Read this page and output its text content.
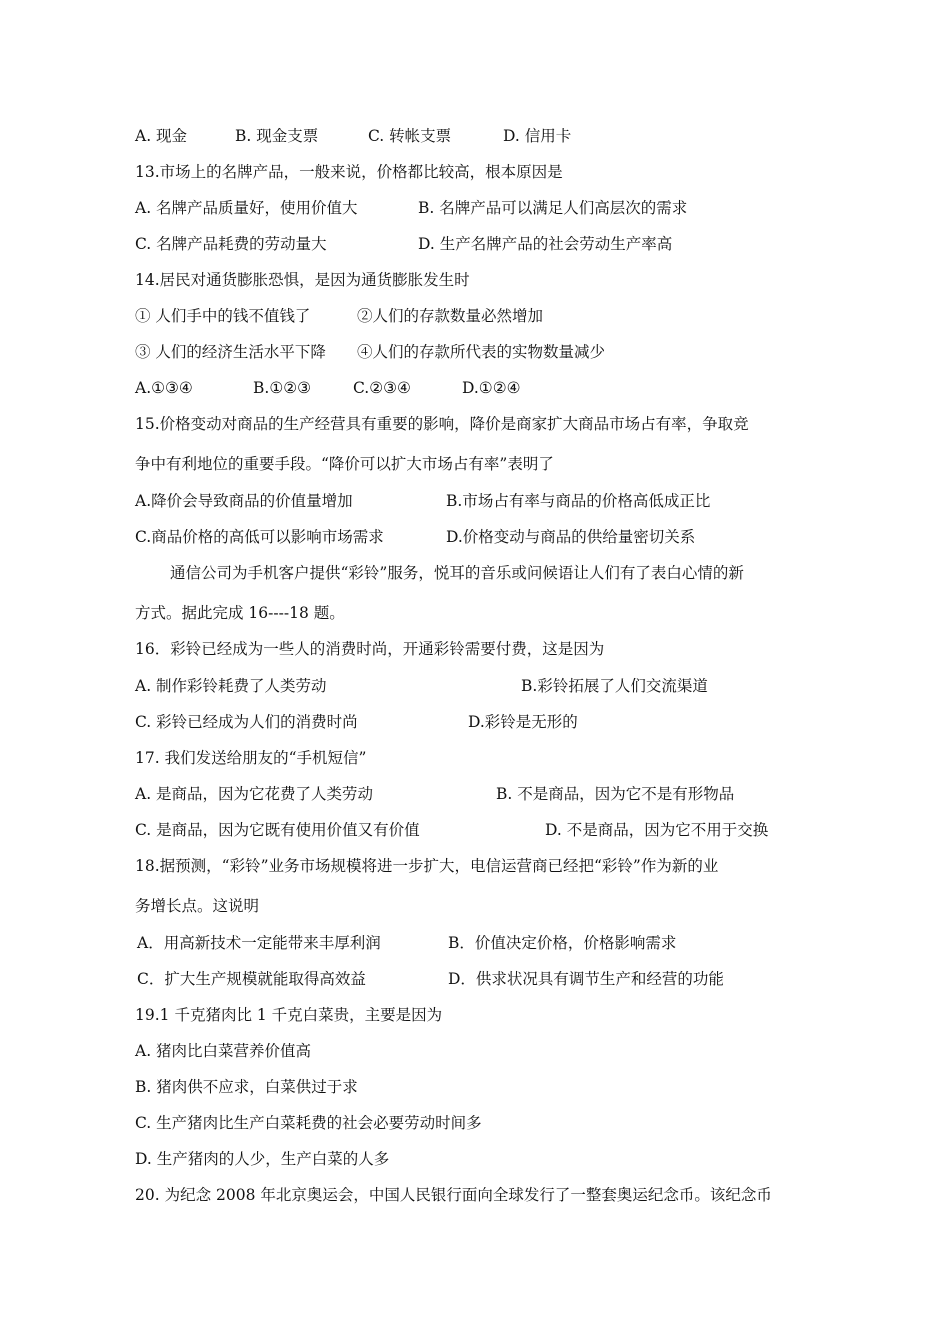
A. 现金	B. 现金支票	C. 转帐支票	D. 信用卡
13.市场上的名牌产品，一般来说，价格都比较高，根本原因是
A. 名牌产品质量好，使用价值大	B. 名牌产品可以满足人们高层次的需求
C. 名牌产品耗费的劳动量大	D. 生产名牌产品的社会劳动生产率高
14.居民对通货膨胀恐惧，是因为通货膨胀发生时
① 人们手中的钱不值钱了	②人们的存款数量必然增加
③ 人们的经济生活水平下降 ④人们的存款所代表的实物数量减少
A.①③④	B.①②③	C.②③④	D.①②④
15.价格变动对商品的生产经营具有重要的影响，降价是商家扩大商品市场占有率，争取竞
争中有利地位的重要手段。“降价可以扩大市场占有率”表明了
A.降价会导致商品的价值量增加	B.市场占有率与商品的价格高低成正比
C.商品价格的高低可以影响市场需求	D.价格变动与商品的供给量密切关系
通信公司为手机客户提供“彩铃”服务，悦耳的音乐或问候语让人们有了表白心情的新
方式。据此完成 16----18 题。
16．彩铃已经成为一些人的消费时尚，开通彩铃需要付费，这是因为
A. 制作彩铃耗费了人类劳动	B.彩铃拓展了人们交流渠道
C. 彩铃已经成为人们的消费时尚	D.彩铃是无形的
17. 我们发送给朋友的“手机短信”
A. 是商品，因为它花费了人类劳动	B. 不是商品，因为它不是有形物品
C. 是商品，因为它既有使用价值又有价值	D. 不是商品，因为它不用于交换
18.据预测，“彩铃”业务市场规模将进一步扩大，电信运营商已经把“彩铃”作为新的业
务增长点。这说明
A．用高新技术一定能带来丰厚利润	B．价值决定价格，价格影响需求
C．扩大生产规模就能取得高效益	D．供求状况具有调节生产和经营的功能
19.1 千克猪肉比 1 千克白菜贵，主要是因为
A. 猪肉比白菜营养价值高
B. 猪肉供不应求，白菜供过于求
C. 生产猪肉比生产白菜耗费的社会必要劳动时间多
D. 生产猪肉的人少，生产白菜的人多
20. 为纪念 2008 年北京奥运会，中国人民银行面向全球发行了一整套奥运纪念币。该纪念币
